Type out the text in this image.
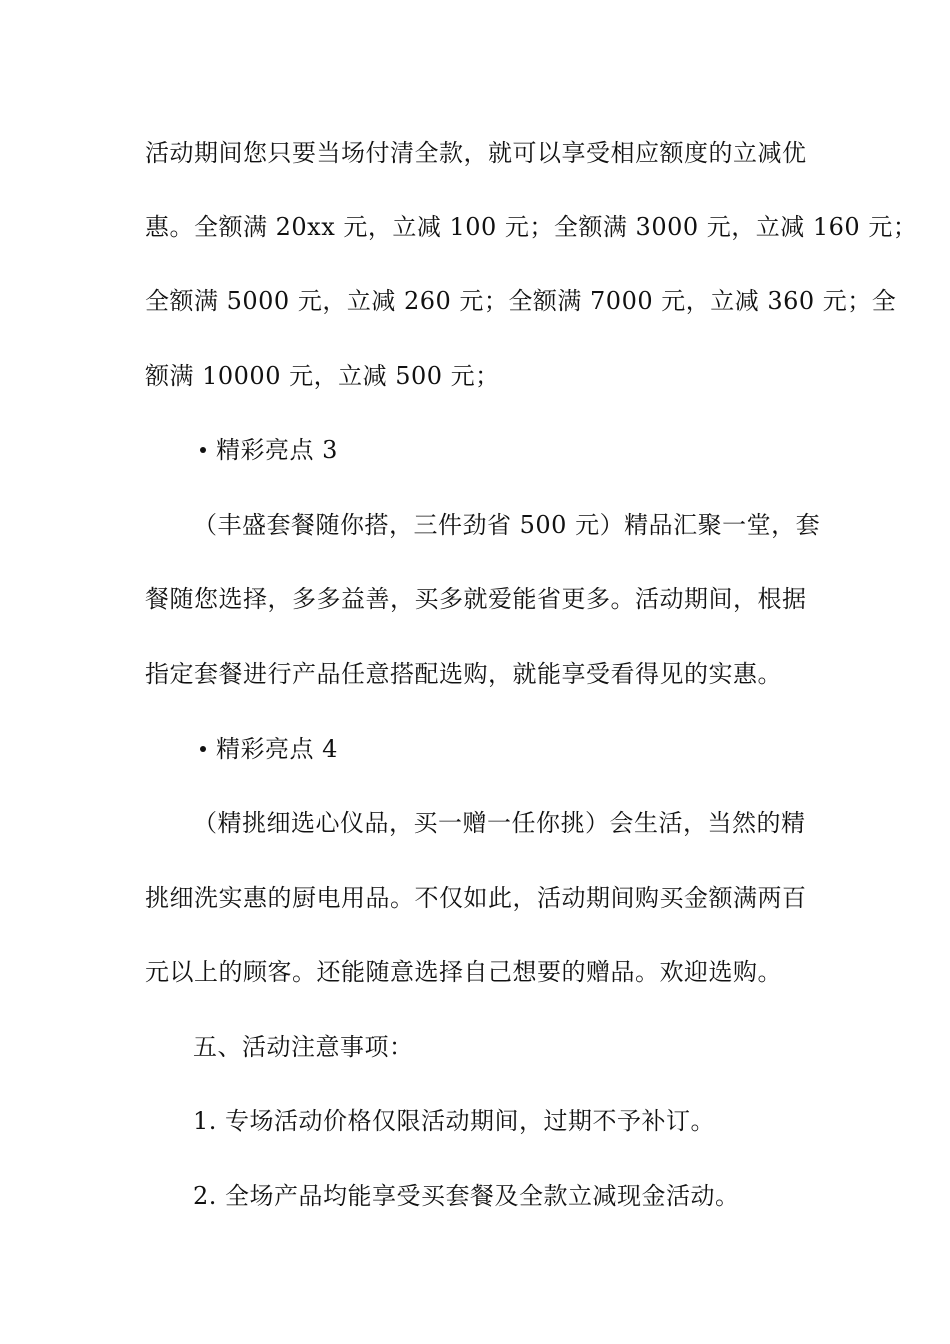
活动期间您只要当场付清全款，就可以享受相应额度的立减优
惠。全额满 20xx 元，立减 100 元；全额满 3000 元，立减 160 元；
全额满 5000 元，立减 260 元；全额满 7000 元，立减 360 元；全
额满 10000 元，立减 500 元；
精彩亮点 3
（丰盛套餐随你搭，三件劲省 500 元）精品汇聚一堂，套
餐随您选择，多多益善，买多就爱能省更多。活动期间，根据
指定套餐进行产品任意搭配选购，就能享受看得见的实惠。
精彩亮点 4
（精挑细选心仪品，买一赠一任你挑）会生活，当然的精
挑细洗实惠的厨电用品。不仅如此，活动期间购买金额满两百
元以上的顾客。还能随意选择自己想要的赠品。欢迎选购。
五、活动注意事项：
1. 专场活动价格仅限活动期间，过期不予补订。
2. 全场产品均能享受买套餐及全款立减现金活动。
